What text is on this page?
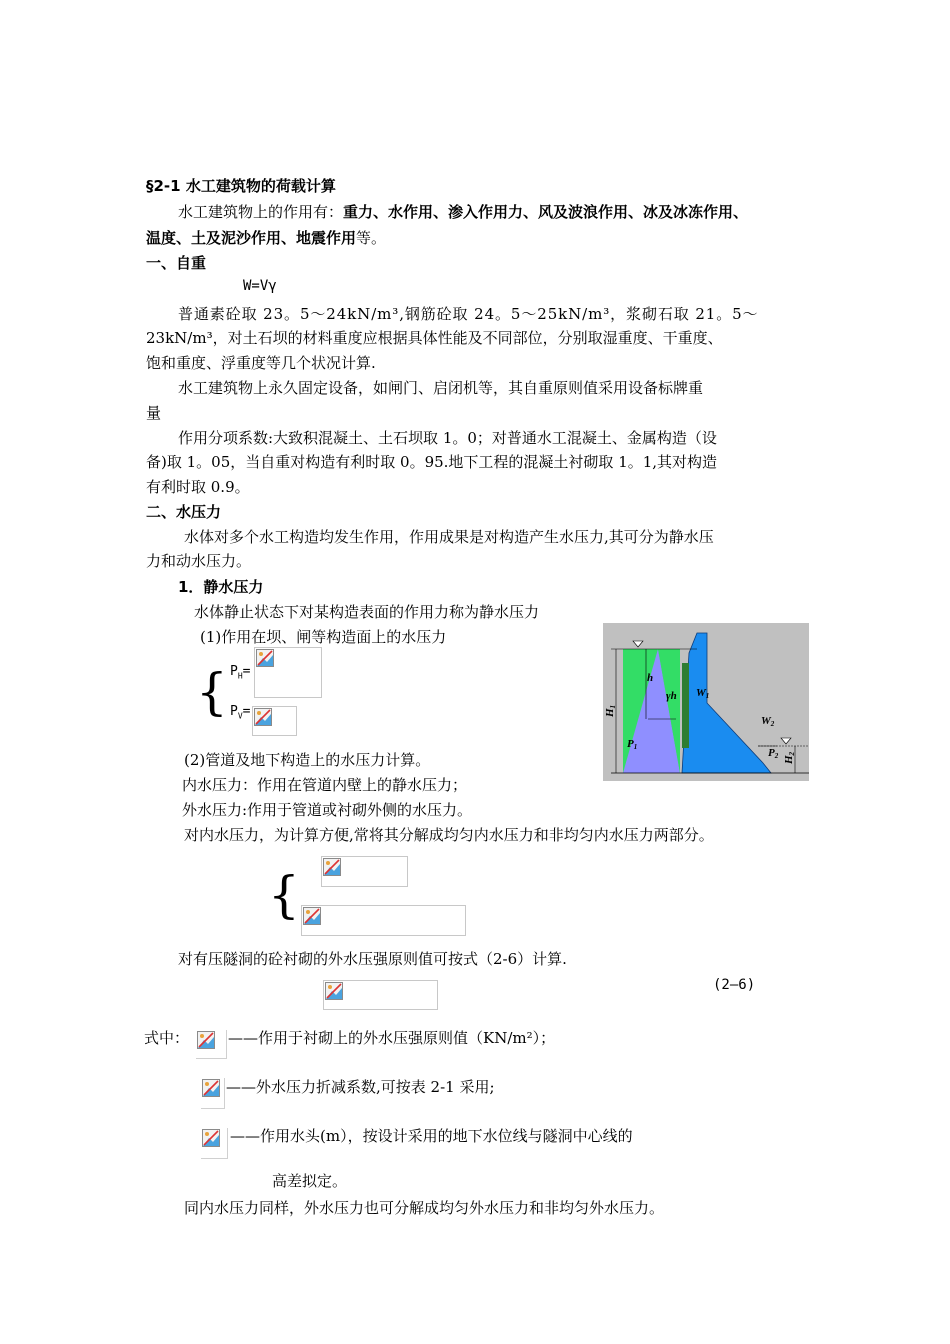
§2-1 水工建筑物的荷载计算
水工建筑物上的作用有：重力、水作用、渗入作用力、风及波浪作用、冰及冰冻作用、
温度、土及泥沙作用、地震作用等。
一、自重
W=Vγ
普通素砼取 23。5～24kN/m³,钢筋砼取 24。5～25kN/m³，浆砌石取 21。5～
23kN/m³，对土石坝的材料重度应根据具体性能及不同部位，分别取湿重度、干重度、
饱和重度、浮重度等几个状况计算.
水工建筑物上永久固定设备，如闸门、启闭机等，其自重原则值采用设备标牌重
量
作用分项系数:大致积混凝土、土石坝取 1。0；对普通水工混凝土、金属构造（设
备)取 1。05，当自重对构造有利时取 0。95.地下工程的混凝土衬砌取 1。1,其对构造
有利时取 0.9。
二、水压力
水体对多个水工构造均发生作用，作用成果是对构造产生水压力,其可分为静水压
力和动水压力。
1．静水压力
水体静止状态下对某构造表面的作用力称为静水压力
(1)作用在坝、闸等构造面上的水压力
{ $P_H=$
$P_V=$
h
H1
γh W1
W2
P1	P2 H2
(2)管道及地下构造上的水压力计算。
内水压力：作用在管道内壁上的静水压力；
外水压力:作用于管道或衬砌外侧的水压力。
对内水压力，为计算方便,常将其分解成均匀内水压力和非均匀内水压力两部分。
{
对有压隧洞的砼衬砌的外水压强原则值可按式（2-6）计算.
(2—6)
式中：	——作用于衬砌上的外水压强原则值（KN/m²）；
——外水压力折减系数,可按表 2-1 采用;
——作用水头(m），按设计采用的地下水位线与隧洞中心线的
高差拟定。
同内水压力同样，外水压力也可分解成均匀外水压力和非均匀外水压力。
